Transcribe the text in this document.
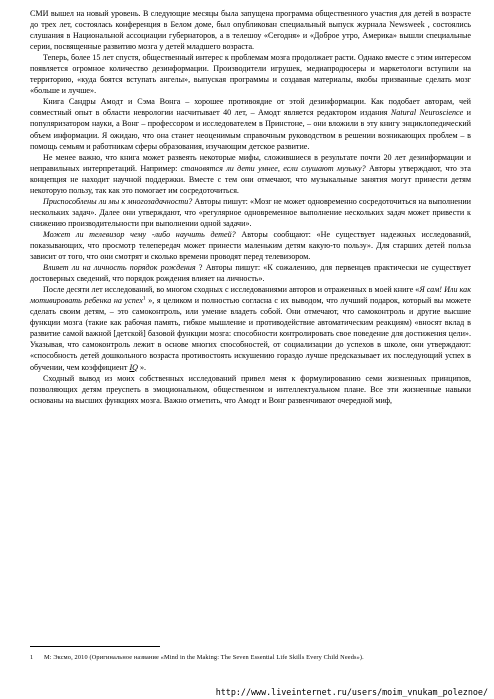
СМИ вышел на новый уровень. В следующие месяцы была запущена программа общественного участия для детей в возрасте до трех лет, состоялась конференция в Белом доме, был опубликован специальный выпуск журнала Newsweek , состоялись слушания в Национальной ассоциации губернаторов, а в телешоу «Сегодня» и «Доброе утро, Америка» вышли специальные серии, посвященные развитию мозга у детей младшего возраста.

Теперь, более 15 лет спустя, общественный интерес к проблемам мозга продолжает расти. Однако вместе с этим интересом появляется огромное количество дезинформации. Производители игрушек, медиапродюсеры и маркетологи вступили на территорию, «куда боятся вступать ангелы», выпуская программы и создавая материалы, якобы призванные сделать мозг «больше и лучше».

Книга Сандры Амодт и Сэма Вонга – хорошее противоядие от этой дезинформации. Как подобает авторам, чей совместный опыт в области неврологии насчитывает 40 лет, – Амодт является редактором издания Natural Neuroscience и популяризатором науки, а Вонг – профессором и исследователем в Принстоне, – они вложили в эту книгу энциклопедический объем информации. Я ожидаю, что она станет неоценимым справочным руководством в решении возникающих проблем – в помощь семьям и работникам сферы образования, изучающим детское развитие.

Не менее важно, что книга может развеять некоторые мифы, сложившиеся в результате почти 20 лет дезинформации и неправильных интерпретаций. Например: становятся ли дети умнее, если слушают музыку? Авторы утверждают, что эта концепция не находит научной поддержки. Вместе с тем они отмечают, что музыкальные занятия могут принести детям некоторую пользу, так как это помогает им сосредоточиться.

Приспособлены ли мы к многозадачности? Авторы пишут: «Мозг не может одновременно сосредоточиться на выполнении нескольких задач». Далее они утверждают, что «регулярное одновременное выполнение нескольких задач может привести к снижению производительности при выполнении одной задачи».

Может ли телевизор чему -либо научить детей? Авторы сообщают: «Не существует надежных исследований, показывающих, что просмотр телепередач может принести маленьким детям какую-то пользу». Для старших детей польза зависит от того, что они смотрят и сколько времени проводят перед телевизором.

Влияет ли на личность порядок рождения ? Авторы пишут: «К сожалению, для первенцев практически не существует достоверных сведений, что порядок рождения влияет на личность».

После десяти лет исследований, во многом сходных с исследованиями авторов и отраженных в моей книге «Я сам! Или как мотивировать ребенка на успех$^1$ », я целиком и полностью согласна с их выводом, что лучший подарок, который вы можете сделать своим детям, – это самоконтроль, или умение владеть собой. Они отмечают, что самоконтроль и другие высшие функции мозга (такие как рабочая память, гибкое мышление и противодействие автоматическим реакциям) «вносят вклад в развитие самой важной [детской] базовой функции мозга: способности контролировать свое поведение для достижения цели». Указывая, что самоконтроль лежит в основе многих способностей, от социализации до успехов в школе, они утверждают: «способность детей дошкольного возраста противостоять искушению гораздо лучше предсказывает их последующий успех в обучении, чем коэффициент IQ ».

Сходный вывод из моих собственных исследований привел меня к формулированию семи жизненных принципов, позволяющих детям преуспеть в эмоциональном, общественном и интеллектуальном плане. Все эти жизненные навыки основаны на высших функциях мозга. Важно отметить, что Амодт и Вонг развенчивают очередной миф,

1 М: Эксмо, 2010 (Оригинальное название «Mind in the Making: The Seven Essential Life Skills Every Child Needs»).
http://www.liveinternet.ru/users/moim_vnukam_poleznoe/
